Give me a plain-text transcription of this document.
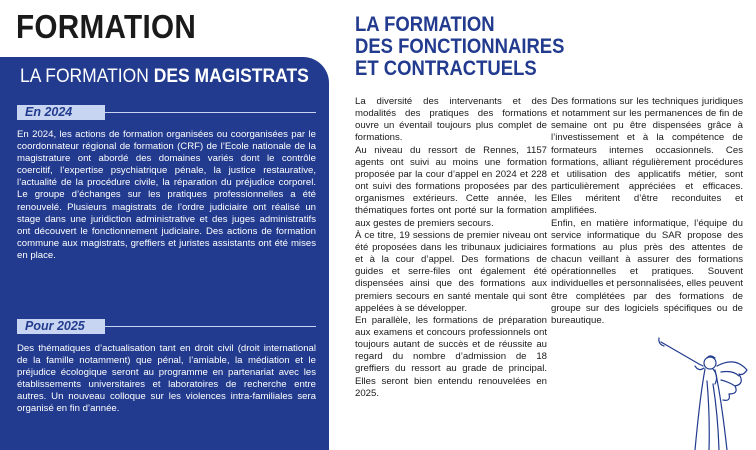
FORMATION
LA FORMATION DES MAGISTRATS
En 2024

En 2024, les actions de formation organisées ou coorganisées par le coordonnateur régional de formation (CRF) de l’Ecole nationale de la magistrature ont abordé des domaines variés dont le contrôle coercitif, l’expertise psychiatrique pénale, la justice restaurative, l’actualité de la procédure civile, la réparation du préjudice corporel. Le groupe d’échanges sur les pratiques professionnelles a été renouvelé. Plusieurs magistrats de l’ordre judiciaire ont réalisé un stage dans une juridiction administrative et des juges administratifs ont découvert le fonctionnement judiciaire. Des actions de formation commune aux magistrats, greffiers et juristes assistants ont été mises en place.

Pour 2025

Des thématiques d’actualisation tant en droit civil (droit international de la famille notamment) que pénal, l’amiable, la médiation et le préjudice écologique seront au programme en partenariat avec les établissements universitaires et laboratoires de recherche entre autres. Un nouveau colloque sur les violences intra-familiales sera organisé en fin d’année.

LA FORMATION
DES FONCTIONNAIRES
ET CONTRACTUELS

La diversité des intervenants et des modalités des pratiques des formations ouvre un éventail toujours plus complet de formations.

Au niveau du ressort de Rennes, 1157 agents ont suivi au moins une formation proposée par la cour d’appel en 2024 et 228 ont suivi des formations proposées par des organismes extérieurs. Cette année, les thématiques fortes ont porté sur la formation aux gestes de premiers secours.

À ce titre, 19 sessions de premier niveau ont été proposées dans les tribunaux judiciaires et à la cour d’appel. Des formations de guides et serre-files ont également été dispensées ainsi que des formations aux premiers secours en santé mentale qui sont appelées à se développer.

En parallèle, les formations de préparation aux examens et concours professionnels ont toujours autant de succès et de réussite au regard du nombre d’admission de 18 greffiers du ressort au grade de principal. Elles seront bien entendu renouvelées en 2025.

Des formations sur les techniques juridiques et notamment sur les permanences de fin de semaine ont pu être dispensées grâce à l’investissement et à la compétence de formateurs internes occasionnels. Ces formations, alliant régulièrement procédures et utilisation des applicatifs métier, sont particulièrement appréciées et efficaces. Elles méritent d’être reconduites et amplifiées.

Enfin, en matière informatique, l’équipe du service informatique du SAR propose des formations au plus près des attentes de chacun veillant à assurer des formations opérationnelles et pratiques. Souvent individuelles et personnalisées, elles peuvent être complétées par des formations de groupe sur des logiciels spécifiques ou de bureautique.
